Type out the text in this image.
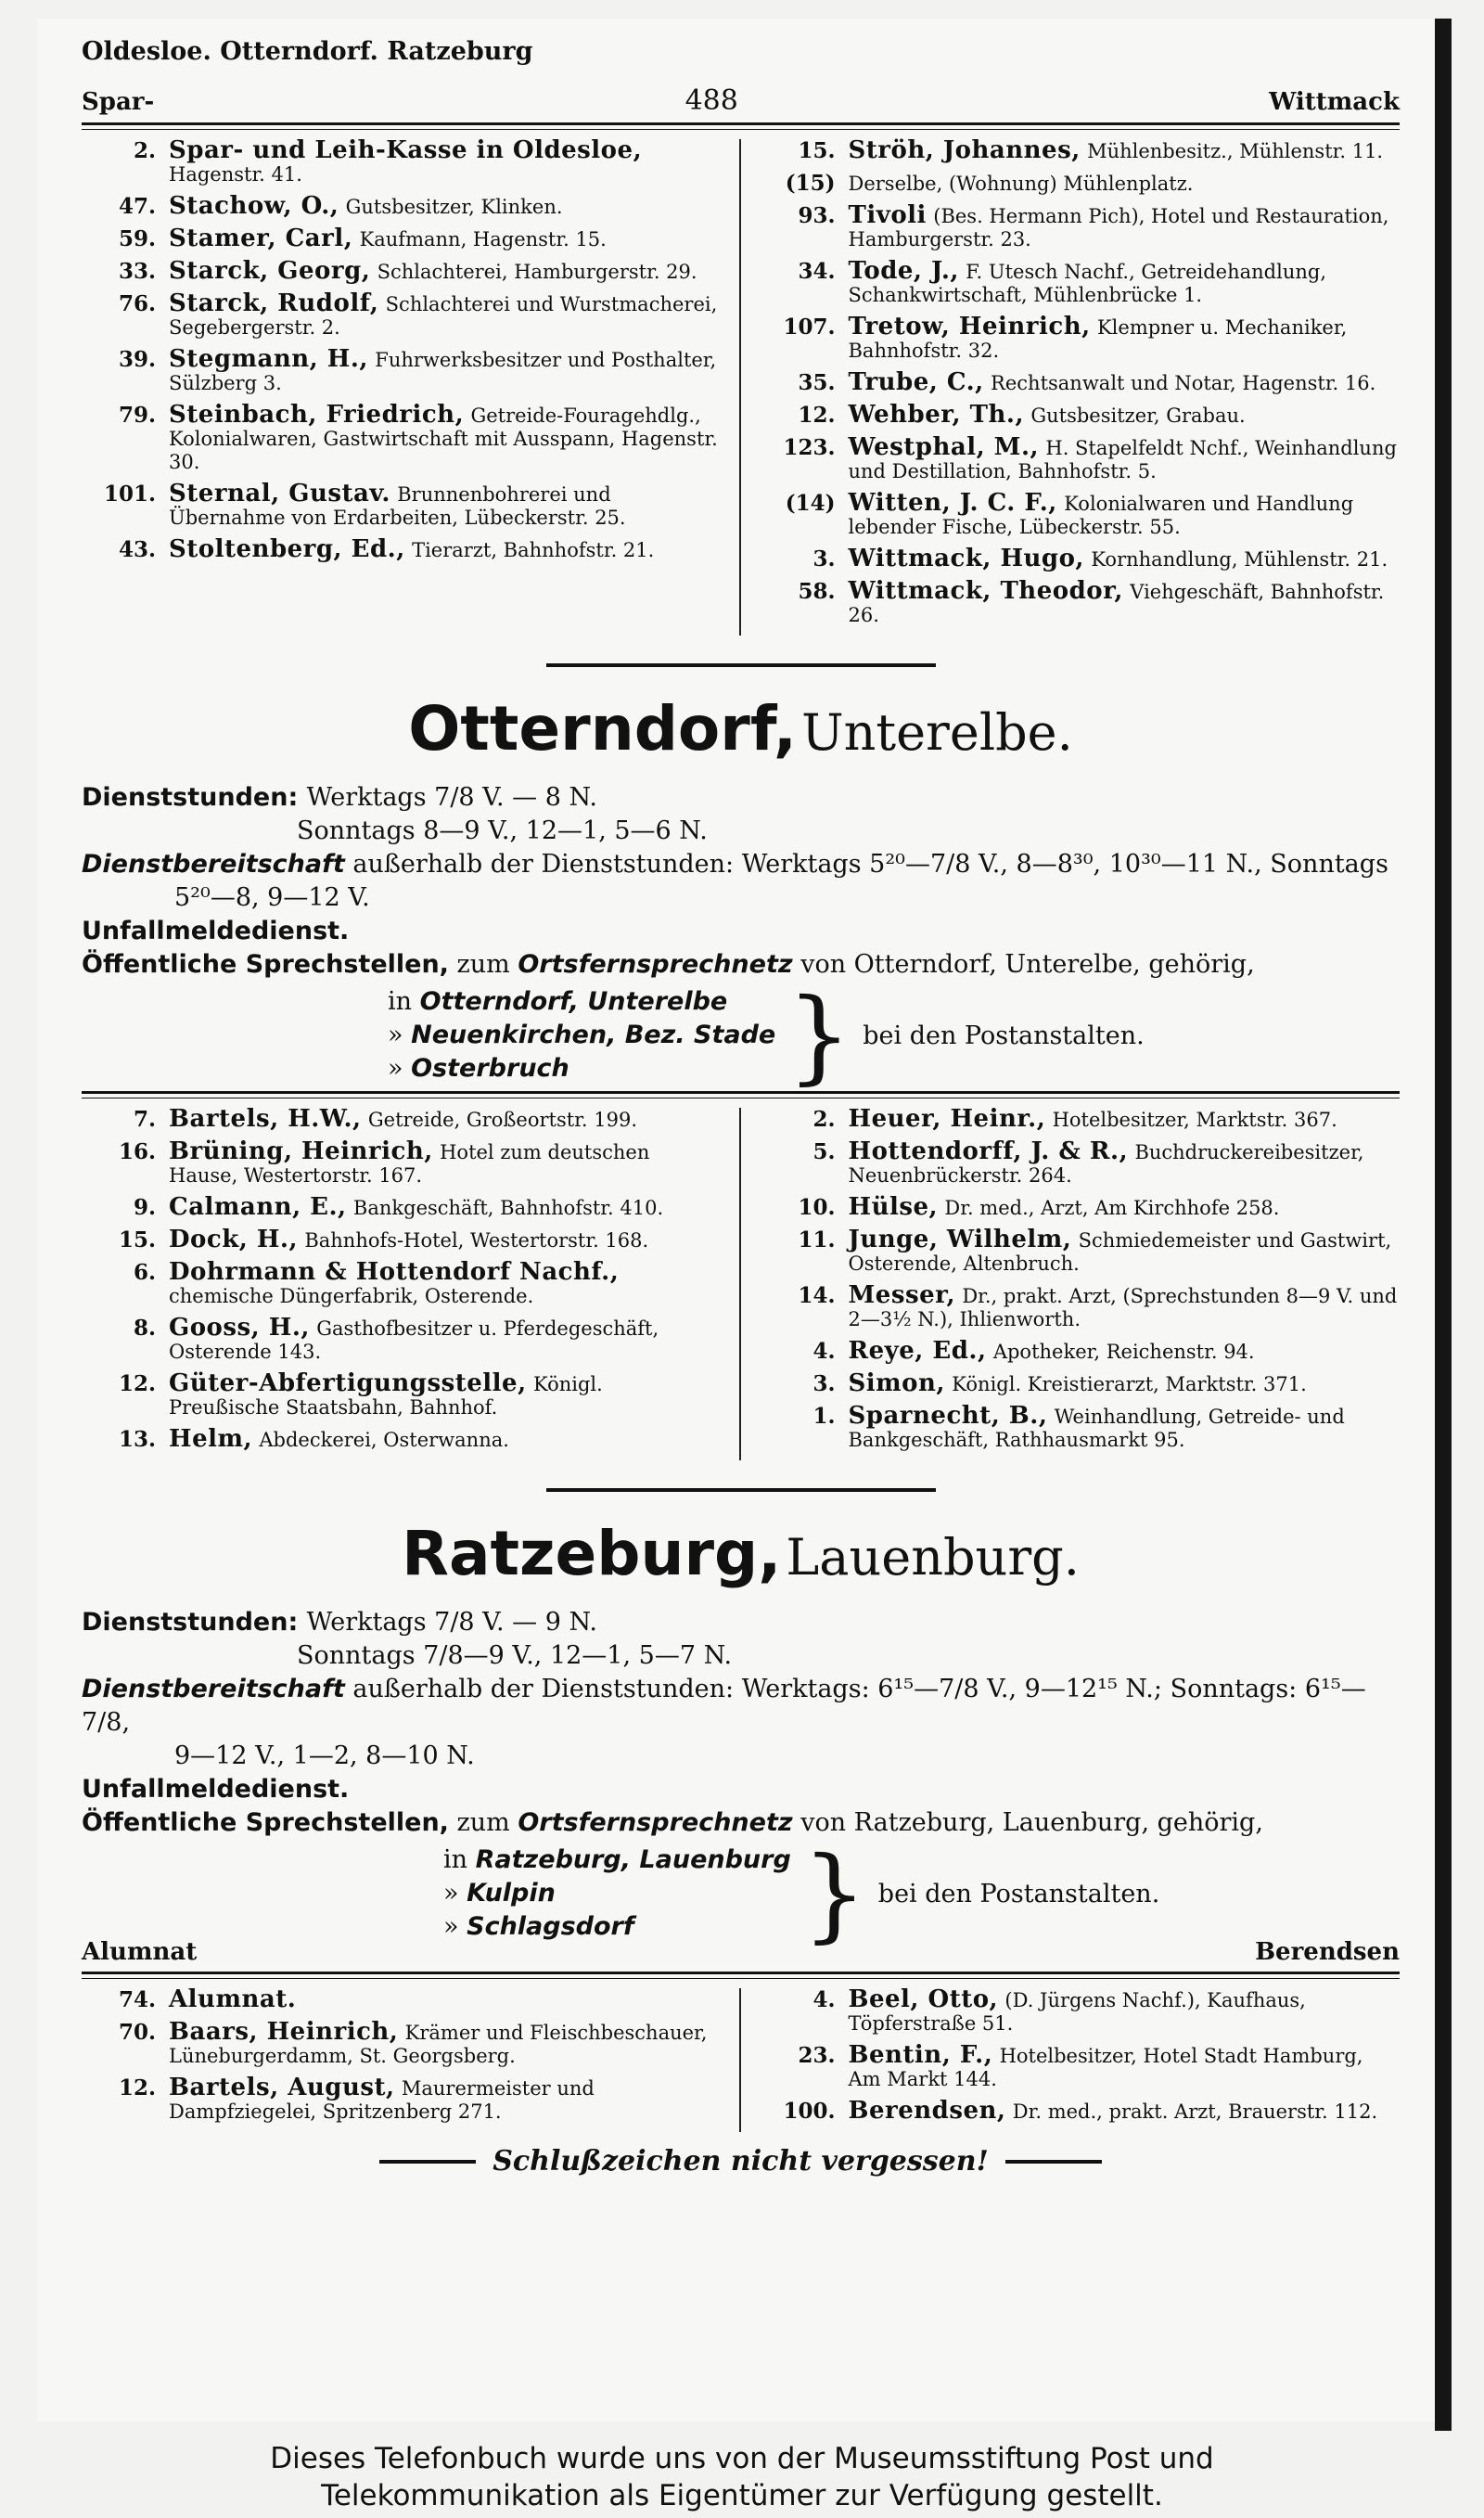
Oldesloe. Otterndorf. Ratzeburg
Spar-	488	Wittmack
2. Spar- und Leih-Kasse in Oldesloe, Hagenstr. 41.
47. Stachow, O., Gutsbesitzer, Klinken.
59. Stamer, Carl, Kaufmann, Hagenstr. 15.
33. Starck, Georg, Schlachterei, Hamburgerstr. 29.
76. Starck, Rudolf, Schlachterei und Wurstmacherei, Segebergerstr. 2.
39. Stegmann, H., Fuhrwerksbesitzer und Posthalter, Sülzberg 3.
79. Steinbach, Friedrich, Getreide-Fouragehdlg., Kolonialwaren, Gastwirtschaft mit Ausspann, Hagenstr. 30.
101. Sternal, Gustav. Brunnenbohrerei und Übernahme von Erdarbeiten, Lübeckerstr. 25.
43. Stoltenberg, Ed., Tierarzt, Bahnhofstr. 21.
15. Ströh, Johannes, Mühlenbesitz., Mühlenstr. 11.
(15) Derselbe, (Wohnung) Mühlenplatz.
93. Tivoli (Bes. Hermann Pich), Hotel und Restauration, Hamburgerstr. 23.
34. Tode, J., F. Utesch Nachf., Getreidehandlung, Schankwirtschaft, Mühlenbrücke 1.
107. Tretow, Heinrich, Klempner u. Mechaniker, Bahnhofstr. 32.
35. Trube, C., Rechtsanwalt und Notar, Hagenstr. 16.
12. Wehber, Th., Gutsbesitzer, Grabau.
123. Westphal, M., H. Stapelfeldt Nchf., Weinhandlung und Destillation, Bahnhofstr. 5.
(14) Witten, J. C. F., Kolonialwaren und Handlung lebender Fische, Lübeckerstr. 55.
3. Wittmack, Hugo, Kornhandlung, Mühlenstr. 21.
58. Wittmack, Theodor, Viehgeschäft, Bahnhofstr. 26.
Otterndorf, Unterelbe.
Dienststunden: Werktags 7/8 V. — 8 N.
Sonntags 8—9 V., 12—1, 5—6 N.
Dienstbereitschaft außerhalb der Dienststunden: Werktags 5²⁰—7/8 V., 8—8³⁰, 10³⁰—11 N., Sonntags
5²⁰—8, 9—12 V.
Unfallmeldedienst.
Öffentliche Sprechstellen, zum Ortsfernsprechnetz von Otterndorf, Unterelbe, gehörig,
in Otterndorf, Unterelbe
» Neuenkirchen, Bez. Stade
» Osterbruch	} bei den Postanstalten.
7. Bartels, H.W., Getreide, Großeortstr. 199.
16. Brüning, Heinrich, Hotel zum deutschen Hause, Westertorstr. 167.
9. Calmann, E., Bankgeschäft, Bahnhofstr. 410.
15. Dock, H., Bahnhofs-Hotel, Westertorstr. 168.
6. Dohrmann & Hottendorf Nachf., chemische Düngerfabrik, Osterende.
8. Gooss, H., Gasthofbesitzer u. Pferdegeschäft, Osterende 143.
12. Güter-Abfertigungsstelle, Königl. Preußische Staatsbahn, Bahnhof.
13. Helm, Abdeckerei, Osterwanna.
2. Heuer, Heinr., Hotelbesitzer, Marktstr. 367.
5. Hottendorff, J. & R., Buchdruckereibesitzer, Neuenbrückerstr. 264.
10. Hülse, Dr. med., Arzt, Am Kirchhofe 258.
11. Junge, Wilhelm, Schmiedemeister und Gastwirt, Osterende, Altenbruch.
14. Messer, Dr., prakt. Arzt, (Sprechstunden 8—9 V. und 2—3½ N.), Ihlienworth.
4. Reye, Ed., Apotheker, Reichenstr. 94.
3. Simon, Königl. Kreistierarzt, Marktstr. 371.
1. Sparnecht, B., Weinhandlung, Getreide- und Bankgeschäft, Rathhausmarkt 95.
Ratzeburg, Lauenburg.
Dienststunden: Werktags 7/8 V. — 9 N.
Sonntags 7/8—9 V., 12—1, 5—7 N.
Dienstbereitschaft außerhalb der Dienststunden: Werktags: 6¹⁵—7/8 V., 9—12¹⁵ N.; Sonntags: 6¹⁵—7/8,
9—12 V., 1—2, 8—10 N.
Unfallmeldedienst.
Öffentliche Sprechstellen, zum Ortsfernsprechnetz von Ratzeburg, Lauenburg, gehörig,
in Ratzeburg, Lauenburg
» Kulpin
» Schlagsdorf	} bei den Postanstalten.
Alumnat	Berendsen
74. Alumnat.
70. Baars, Heinrich, Krämer und Fleischbeschauer, Lüneburgerdamm, St. Georgsberg.
12. Bartels, August, Maurermeister und Dampfziegelei, Spritzenberg 271.
4. Beel, Otto, (D. Jürgens Nachf.), Kaufhaus, Töpferstraße 51.
23. Bentin, F., Hotelbesitzer, Hotel Stadt Hamburg, Am Markt 144.
100. Berendsen, Dr. med., prakt. Arzt, Brauerstr. 112.
Schlußzeichen nicht vergessen!
Dieses Telefonbuch wurde uns von der Museumsstiftung Post und
Telekommunikation als Eigentümer zur Verfügung gestellt.
